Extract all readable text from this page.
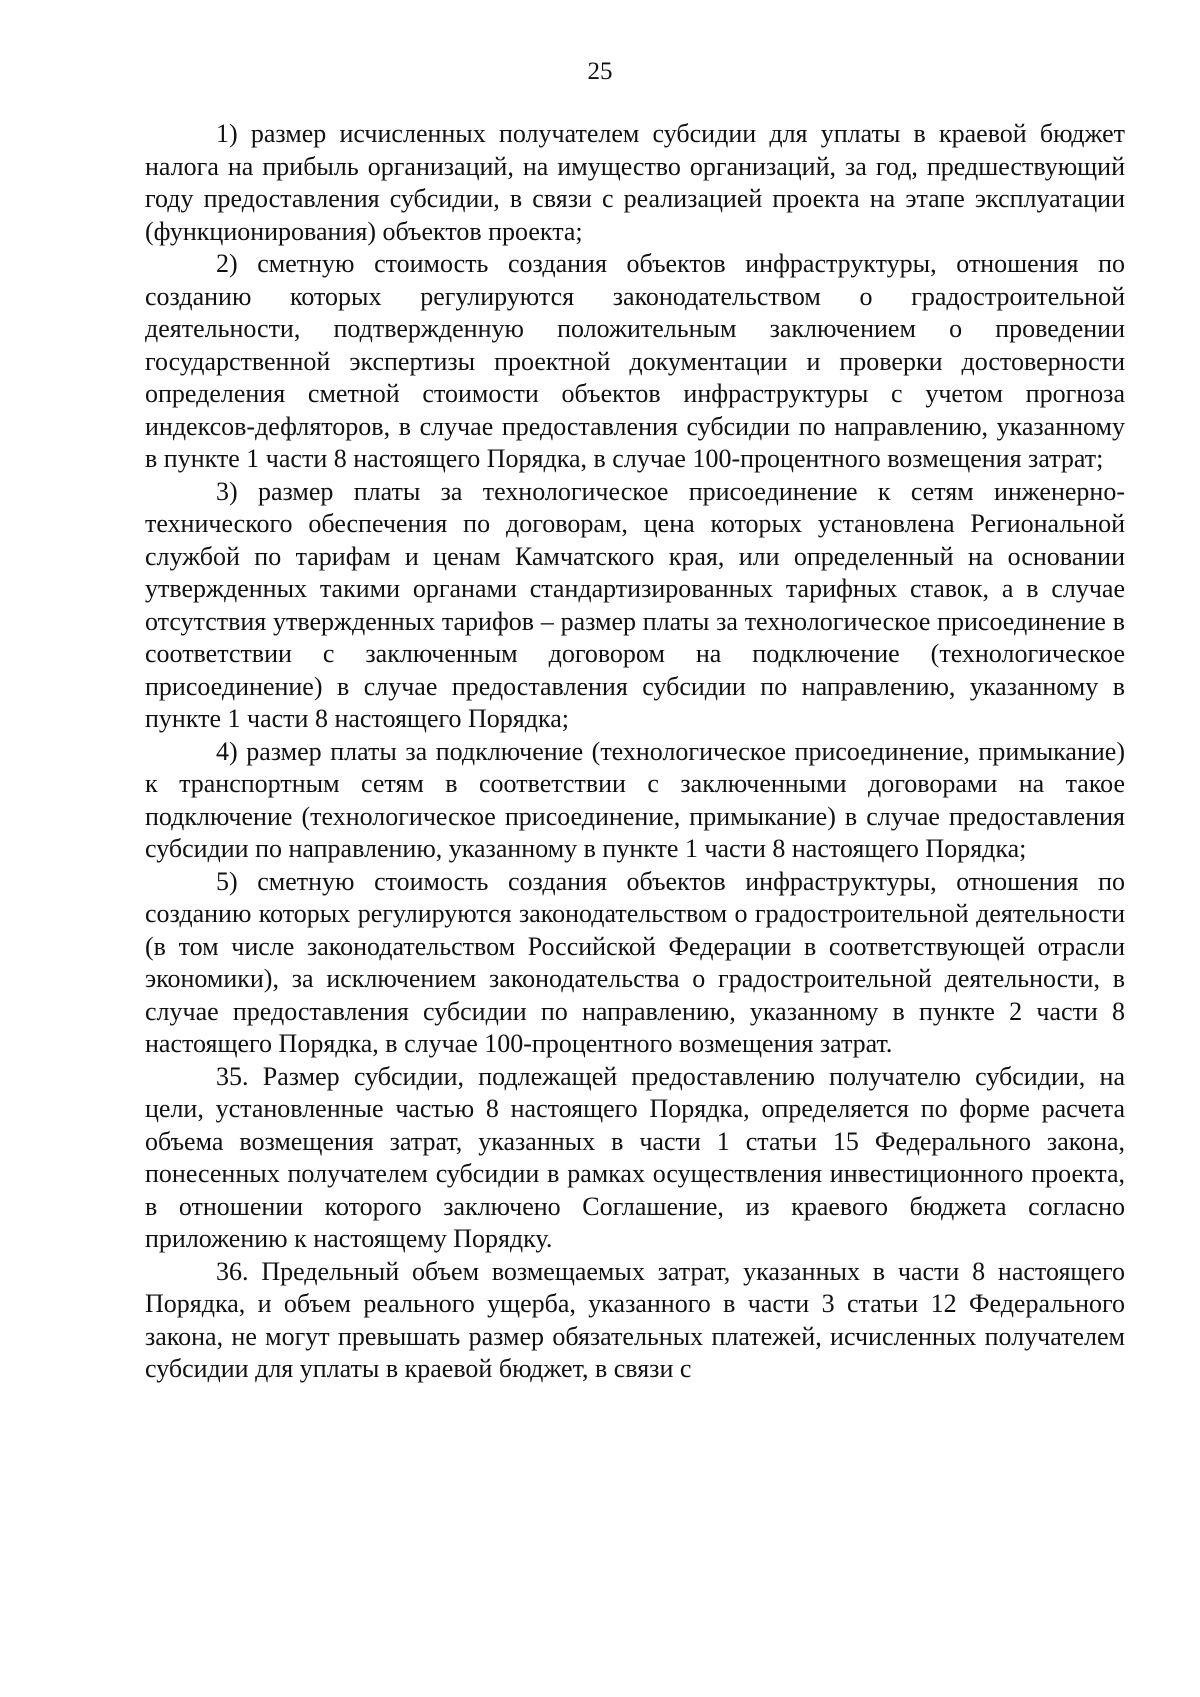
25

1) размер исчисленных получателем субсидии для уплаты в краевой бюджет налога на прибыль организаций, на имущество организаций, за год, предшествующий году предоставления субсидии, в связи с реализацией проекта на этапе эксплуатации (функционирования) объектов проекта;

2) сметную стоимость создания объектов инфраструктуры, отношения по созданию которых регулируются законодательством о градостроительной деятельности, подтвержденную положительным заключением о проведении государственной экспертизы проектной документации и проверки достоверности определения сметной стоимости объектов инфраструктуры с учетом прогноза индексов-дефляторов, в случае предоставления субсидии по направлению, указанному в пункте 1 части 8 настоящего Порядка, в случае 100-процентного возмещения затрат;

3) размер платы за технологическое присоединение к сетям инженерно-технического обеспечения по договорам, цена которых установлена Региональной службой по тарифам и ценам Камчатского края, или определенный на основании утвержденных такими органами стандартизированных тарифных ставок, а в случае отсутствия утвержденных тарифов – размер платы за технологическое присоединение в соответствии с заключенным договором на подключение (технологическое присоединение) в случае предоставления субсидии по направлению, указанному в пункте 1 части 8 настоящего Порядка;

4) размер платы за подключение (технологическое присоединение, примыкание) к транспортным сетям в соответствии с заключенными договорами на такое подключение (технологическое присоединение, примыкание) в случае предоставления субсидии по направлению, указанному в пункте 1 части 8 настоящего Порядка;

5) сметную стоимость создания объектов инфраструктуры, отношения по созданию которых регулируются законодательством о градостроительной деятельности (в том числе законодательством Российской Федерации в соответствующей отрасли экономики), за исключением законодательства о градостроительной деятельности, в случае предоставления субсидии по направлению, указанному в пункте 2 части 8 настоящего Порядка, в случае 100-процентного возмещения затрат.

35. Размер субсидии, подлежащей предоставлению получателю субсидии, на цели, установленные частью 8 настоящего Порядка, определяется по форме расчета объема возмещения затрат, указанных в части 1 статьи 15 Федерального закона, понесенных получателем субсидии в рамках осуществления инвестиционного проекта, в отношении которого заключено Соглашение, из краевого бюджета согласно приложению к настоящему Порядку.

36. Предельный объем возмещаемых затрат, указанных в части 8 настоящего Порядка, и объем реального ущерба, указанного в части 3 статьи 12 Федерального закона, не могут превышать размер обязательных платежей, исчисленных получателем субсидии для уплаты в краевой бюджет, в связи с
